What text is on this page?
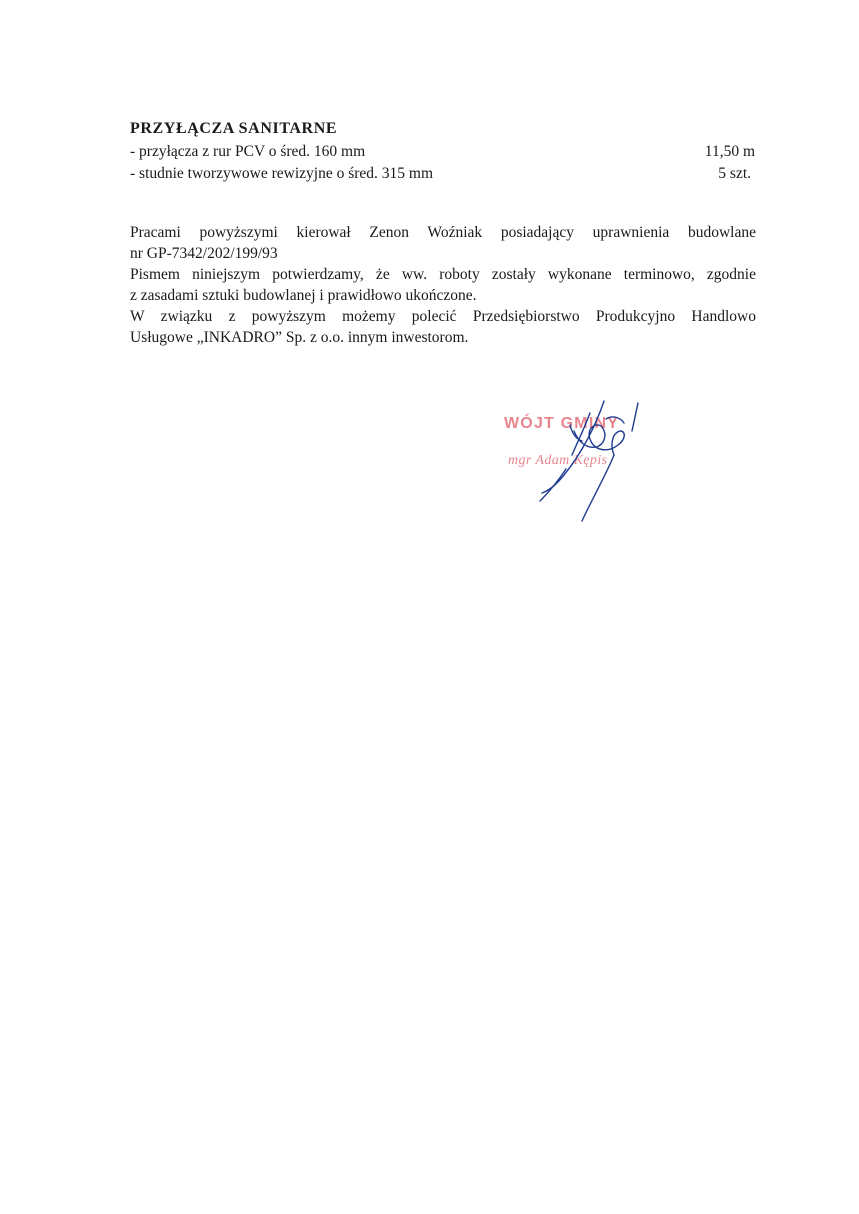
PRZYŁĄCZA SANITARNE
- przyłącza z rur PCV o śred. 160 mm	11,50 m
- studnie tworzywowe rewizyjne o śred. 315 mm	5 szt.
Pracami powyższymi kierował Zenon Woźniak posiadający uprawnienia budowlane
nr GP-7342/202/199/93
Pismem niniejszym potwierdzamy, że ww. roboty zostały wykonane terminowo, zgodnie
z zasadami sztuki budowlanej i prawidłowo ukończone.
W związku z powyższym możemy polecić Przedsiębiorstwo Produkcyjno Handlowo
Usługowe „INKADRO” Sp. z o.o. innym inwestorom.
WÓJT GMINY
mgr Adam Kępis
